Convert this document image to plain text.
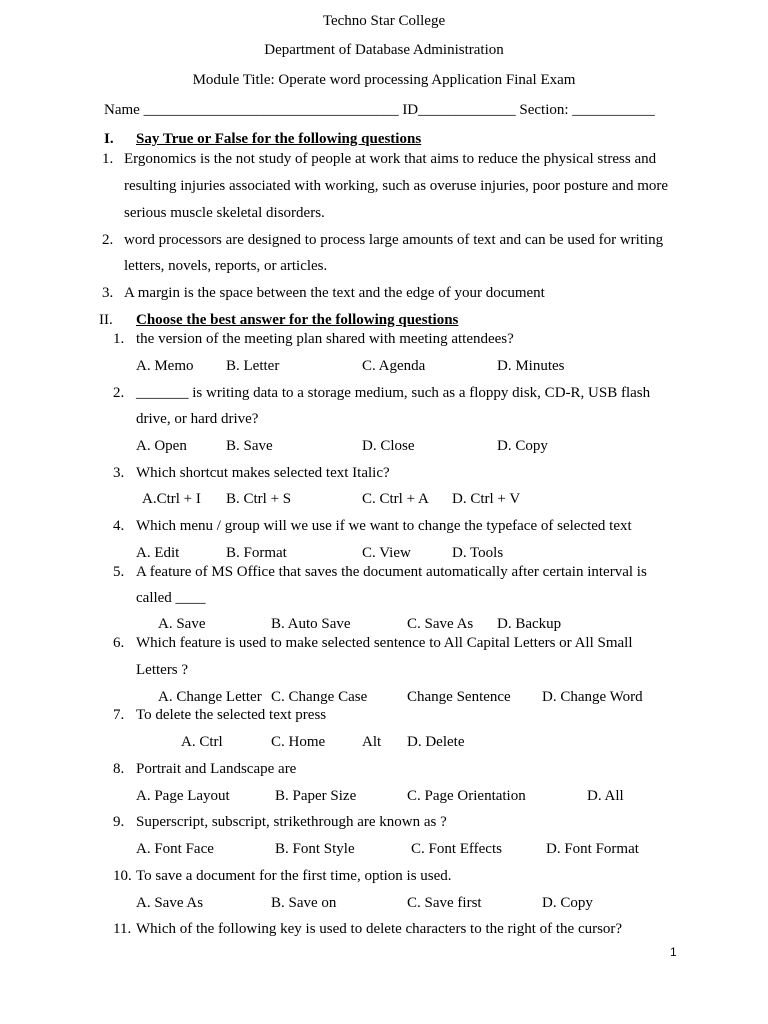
Techno Star College
Department of Database Administration
Module Title: Operate word processing Application Final Exam
Name __________________________________ ID_____________ Section: ___________
I. Say True or False for the following questions
1. Ergonomics is the not study of people at work that aims to reduce the physical stress and
resulting injuries associated with working, such as overuse injuries, poor posture and more
serious muscle skeletal disorders.
2. word processors are designed to process large amounts of text and can be used for writing
letters, novels, reports, or articles.
3. A margin is the space between the text and the edge of your document
II. Choose the best answer for the following questions
1. the version of the meeting plan shared with meeting attendees?
A. Memo B. Letter	C. Agenda	D. Minutes
2. _______ is writing data to a storage medium, such as a floppy disk, CD-R, USB flash
drive, or hard drive?
A. Open	B. Save	D. Close	D. Copy
3. Which shortcut makes selected text Italic?
A.Ctrl + I B. Ctrl + S	C. Ctrl + A D. Ctrl + V
4. Which menu / group will we use if we want to change the typeface of selected text
A. Edit	B. Format	C. View	D. Tools
5. A feature of MS Office that saves the document automatically after certain interval is
called ____
A. Save	B. Auto Save	C. Save As D. Backup
6. Which feature is used to make selected sentence to All Capital Letters or All Small
Letters ?
A. Change Letter C. Change Case	Change Sentence D. Change Word
7. To delete the selected text press
A. Ctrl	C. Home Alt D. Delete
8. Portrait and Landscape are
A. Page Layout	B. Paper Size	C. Page Orientation	D. All
9. Superscript, subscript, strikethrough are known as ?
A. Font Face	B. Font Style	C. Font Effects	D. Font Format
10. To save a document for the first time, option is used.
A. Save As	B. Save on	C. Save first	D. Copy
11. Which of the following key is used to delete characters to the right of the cursor?
1
